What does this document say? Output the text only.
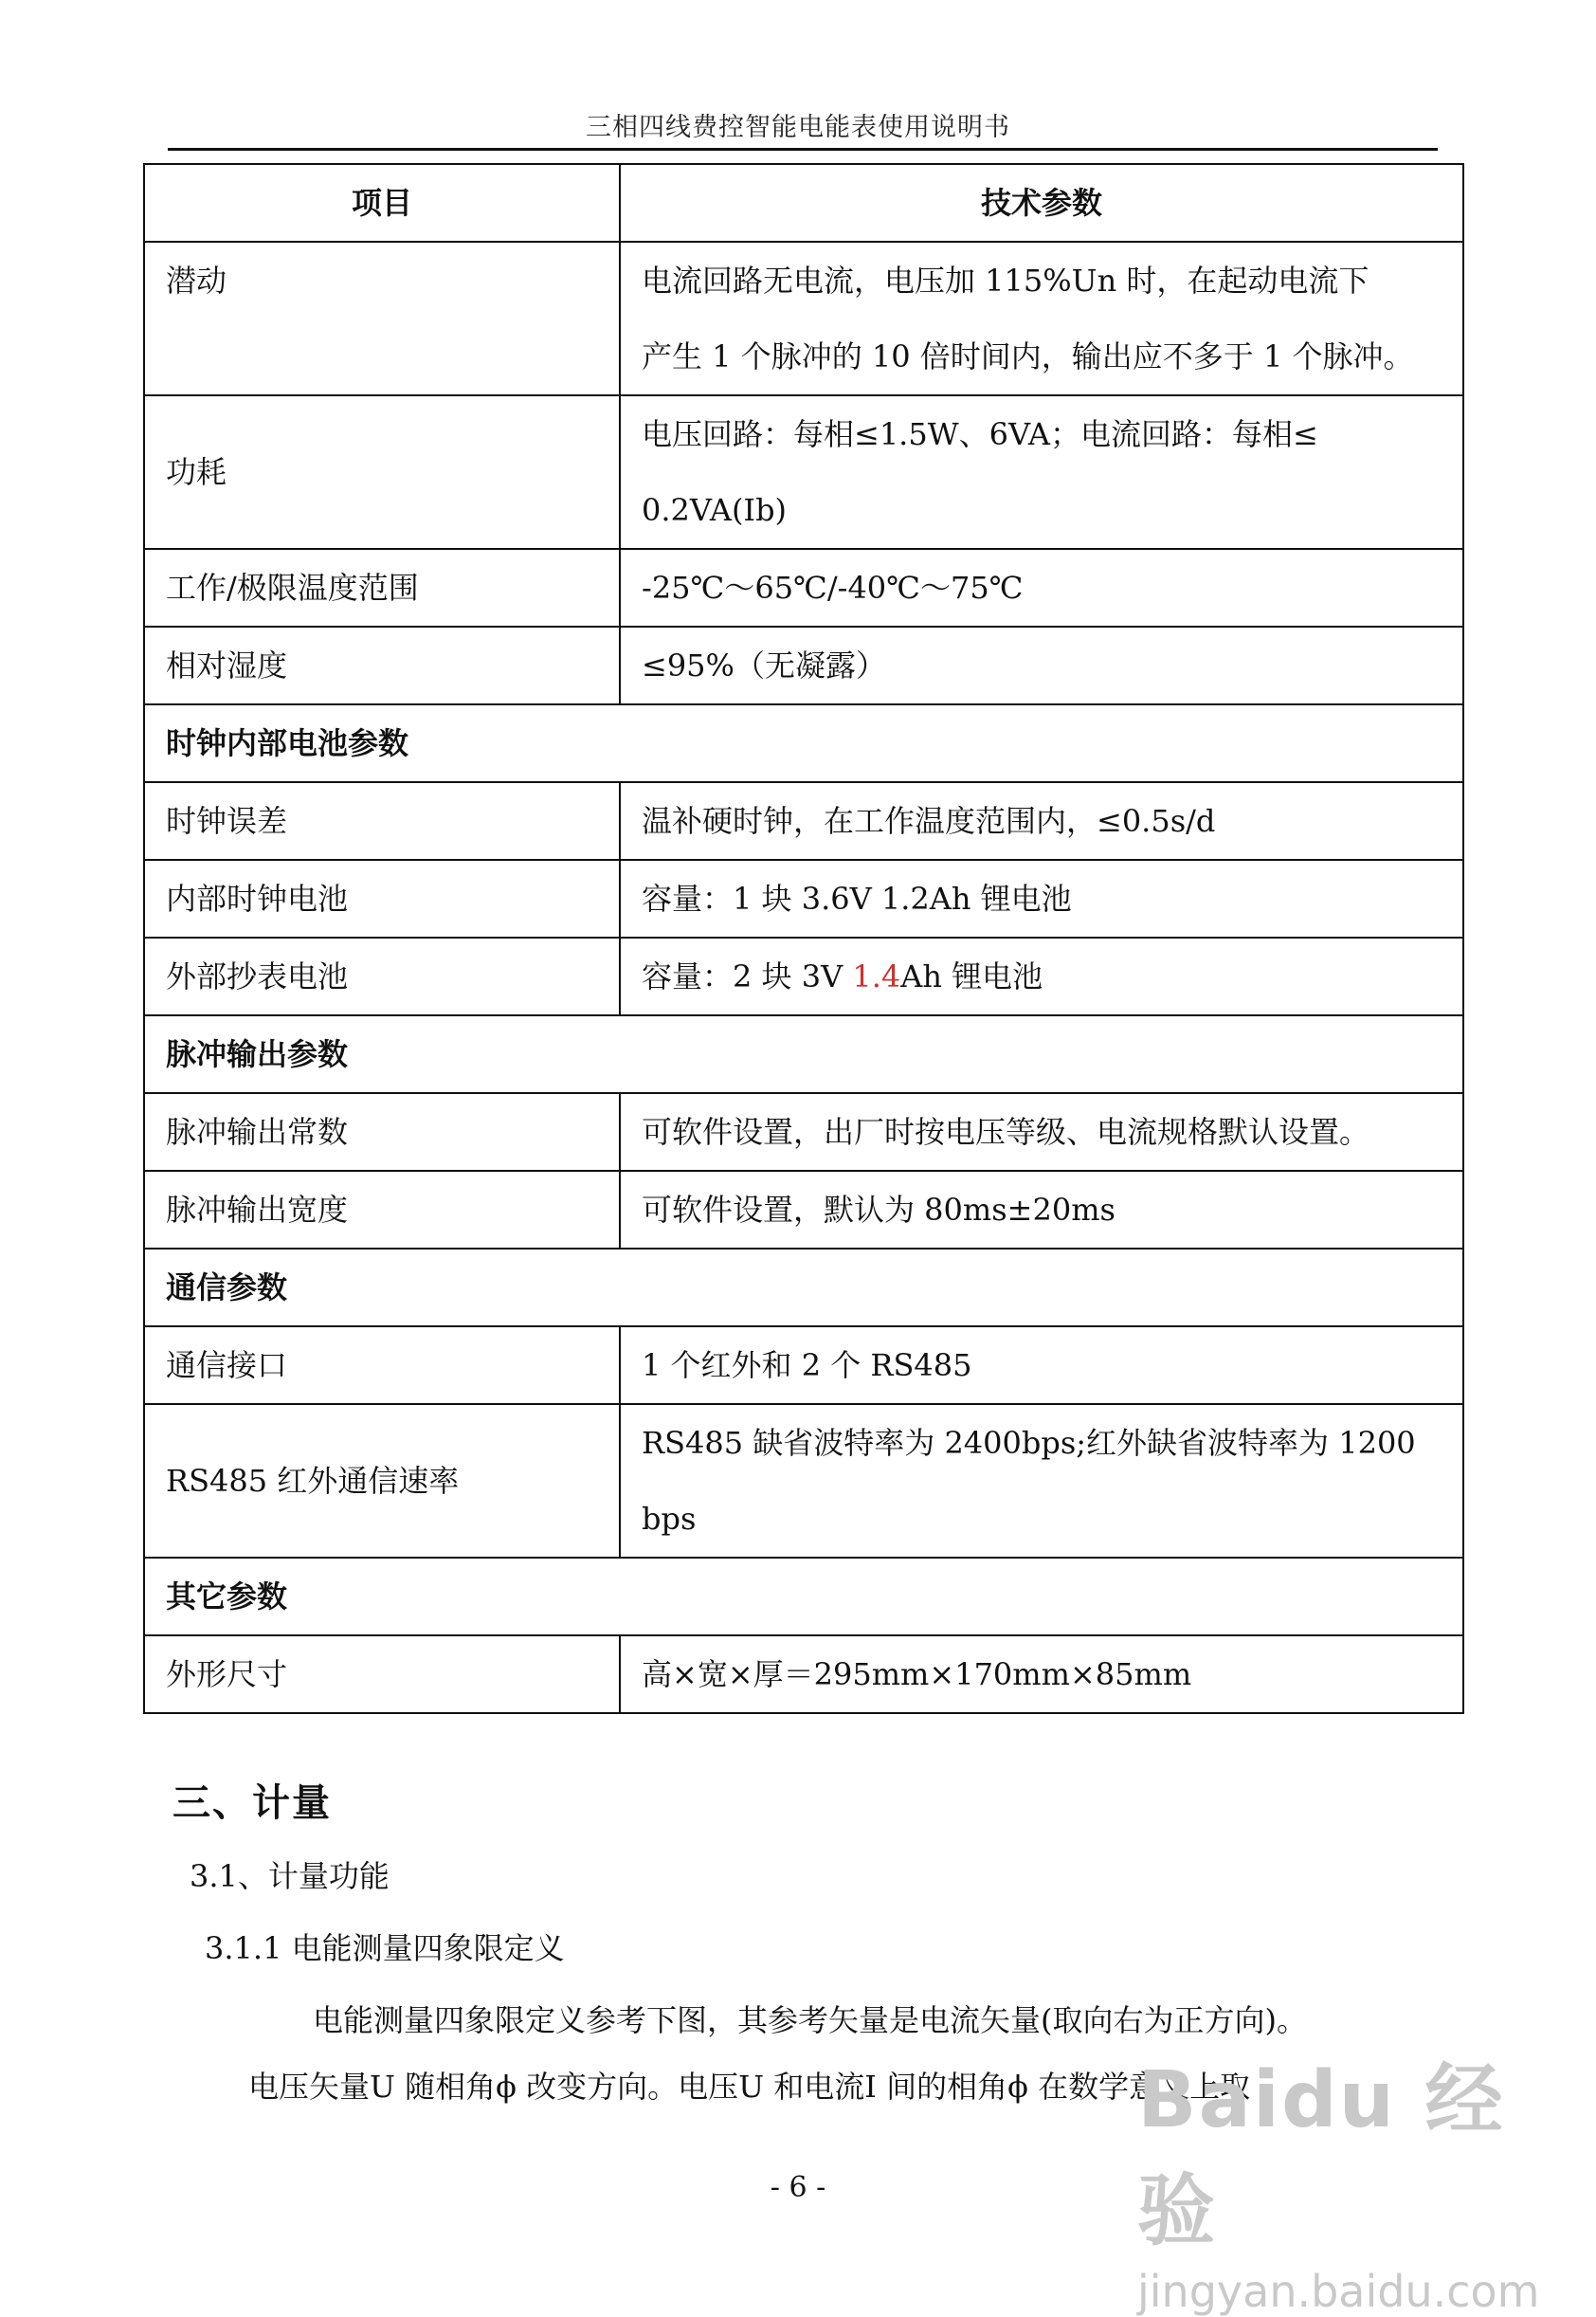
三相四线费控智能电能表使用说明书
项目	技术参数
潜动	电流回路无电流，电压加 115%Un 时，在起动电流下
产生 1 个脉冲的 10 倍时间内，输出应不多于 1 个脉冲。

功耗	电压回路：每相≤1.5W、6VA；电流回路：每相≤
0.2VA(Ib)

工作/极限温度范围	-25℃～65℃/-40℃～75℃
相对湿度	≤95%（无凝露）
时钟内部电池参数	
时钟误差	温补硬时钟，在工作温度范围内，≤0.5s/d
内部时钟电池	容量：1 块 3.6V 1.2Ah 锂电池
外部抄表电池	容量：2 块 3V 1.4Ah 锂电池
脉冲输出参数	
脉冲输出常数	可软件设置，出厂时按电压等级、电流规格默认设置。
脉冲输出宽度	可软件设置，默认为 80ms±20ms
通信参数	
通信接口	1 个红外和 2 个 RS485
RS485 红外通信速率	RS485 缺省波特率为 2400bps;红外缺省波特率为 1200
bps

其它参数	
外形尺寸	高×宽×厚＝295mm×170mm×85mm
三、计量
3.1、计量功能
3.1.1 电能测量四象限定义
电能测量四象限定义参考下图，其参考矢量是电流矢量(取向右为正方向)。
电压矢量U 随相角ϕ 改变方向。电压U 和电流I 间的相角ϕ 在数学意义上取
- 6 -
Baidu 经验
jingyan.baidu.com
